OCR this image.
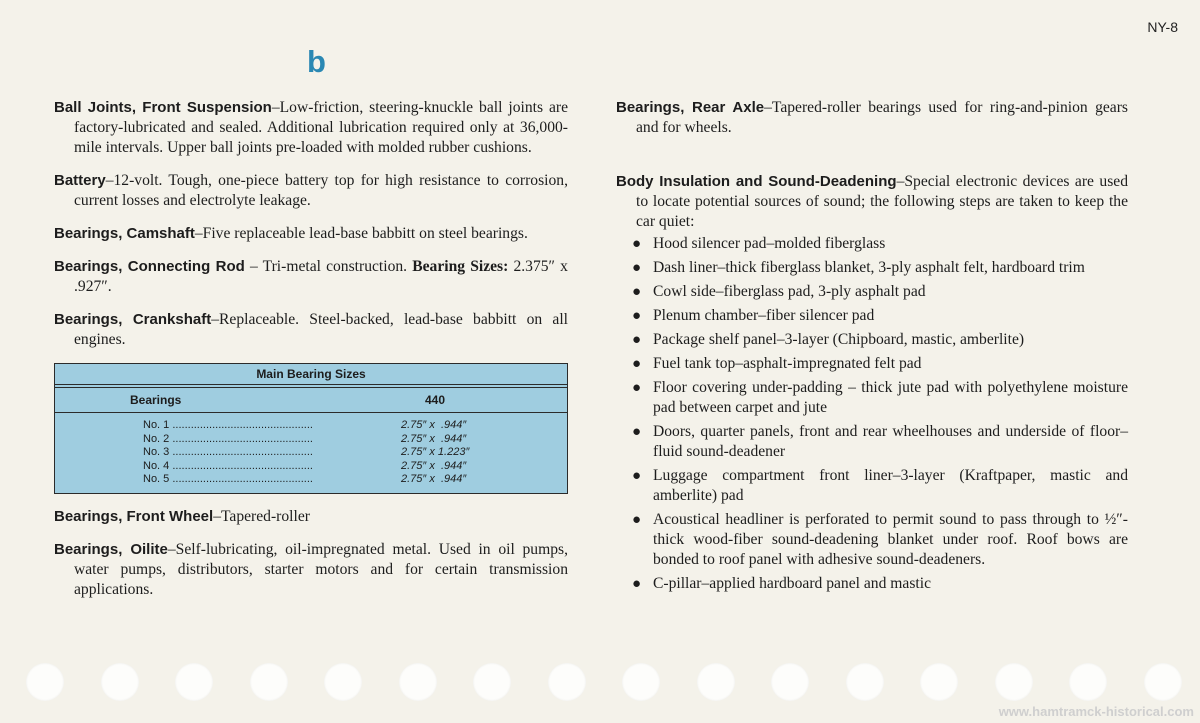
NY-8
b

Ball Joints, Front Suspension–Low-friction, steering-knuckle ball joints are factory-lubricated and sealed. Additional lubrication required only at 36,000-mile intervals. Upper ball joints pre-loaded with molded rubber cushions.

Battery–12-volt. Tough, one-piece battery top for high resistance to corrosion, current losses and electrolyte leakage.

Bearings, Camshaft–Five replaceable lead-base babbitt on steel bearings.

Bearings, Connecting Rod – Tri-metal construction. Bearing Sizes: 2.375″ x .927″.

Bearings, Crankshaft–Replaceable. Steel-backed, lead-base babbitt on all engines.

Main Bearing Sizes
Bearings	440
No. 1 .....	2.75″ x  .944″
No. 2 .....	2.75″ x  .944″
No. 3 .....	2.75″ x 1.223″
No. 4 .....	2.75″ x  .944″
No. 5 .....	2.75″ x  .944″

Bearings, Front Wheel–Tapered-roller

Bearings, Oilite–Self-lubricating, oil-impregnated metal. Used in oil pumps, water pumps, distributors, starter motors and for certain transmission applications.

Bearings, Rear Axle–Tapered-roller bearings used for ring-and-pinion gears and for wheels.

Body Insulation and Sound-Deadening–Special electronic devices are used to locate potential sources of sound; the following steps are taken to keep the car quiet:

● Hood silencer pad–molded fiberglass
● Dash liner–thick fiberglass blanket, 3-ply asphalt felt, hardboard trim
● Cowl side–fiberglass pad, 3-ply asphalt pad
● Plenum chamber–fiber silencer pad
● Package shelf panel–3-layer (Chipboard, mastic, amberlite)
● Fuel tank top–asphalt-impregnated felt pad
● Floor covering under-padding – thick jute pad with polyethylene moisture pad between carpet and jute
● Doors, quarter panels, front and rear wheelhouses and underside of floor–fluid sound-deadener
● Luggage compartment front liner–3-layer (Kraftpaper, mastic and amberlite) pad
● Acoustical headliner is perforated to permit sound to pass through to ½″-thick wood-fiber sound-deadening blanket under roof. Roof bows are bonded to roof panel with adhesive sound-deadeners.
● C-pillar–applied hardboard panel and mastic
www.hamtramck-historical.com
